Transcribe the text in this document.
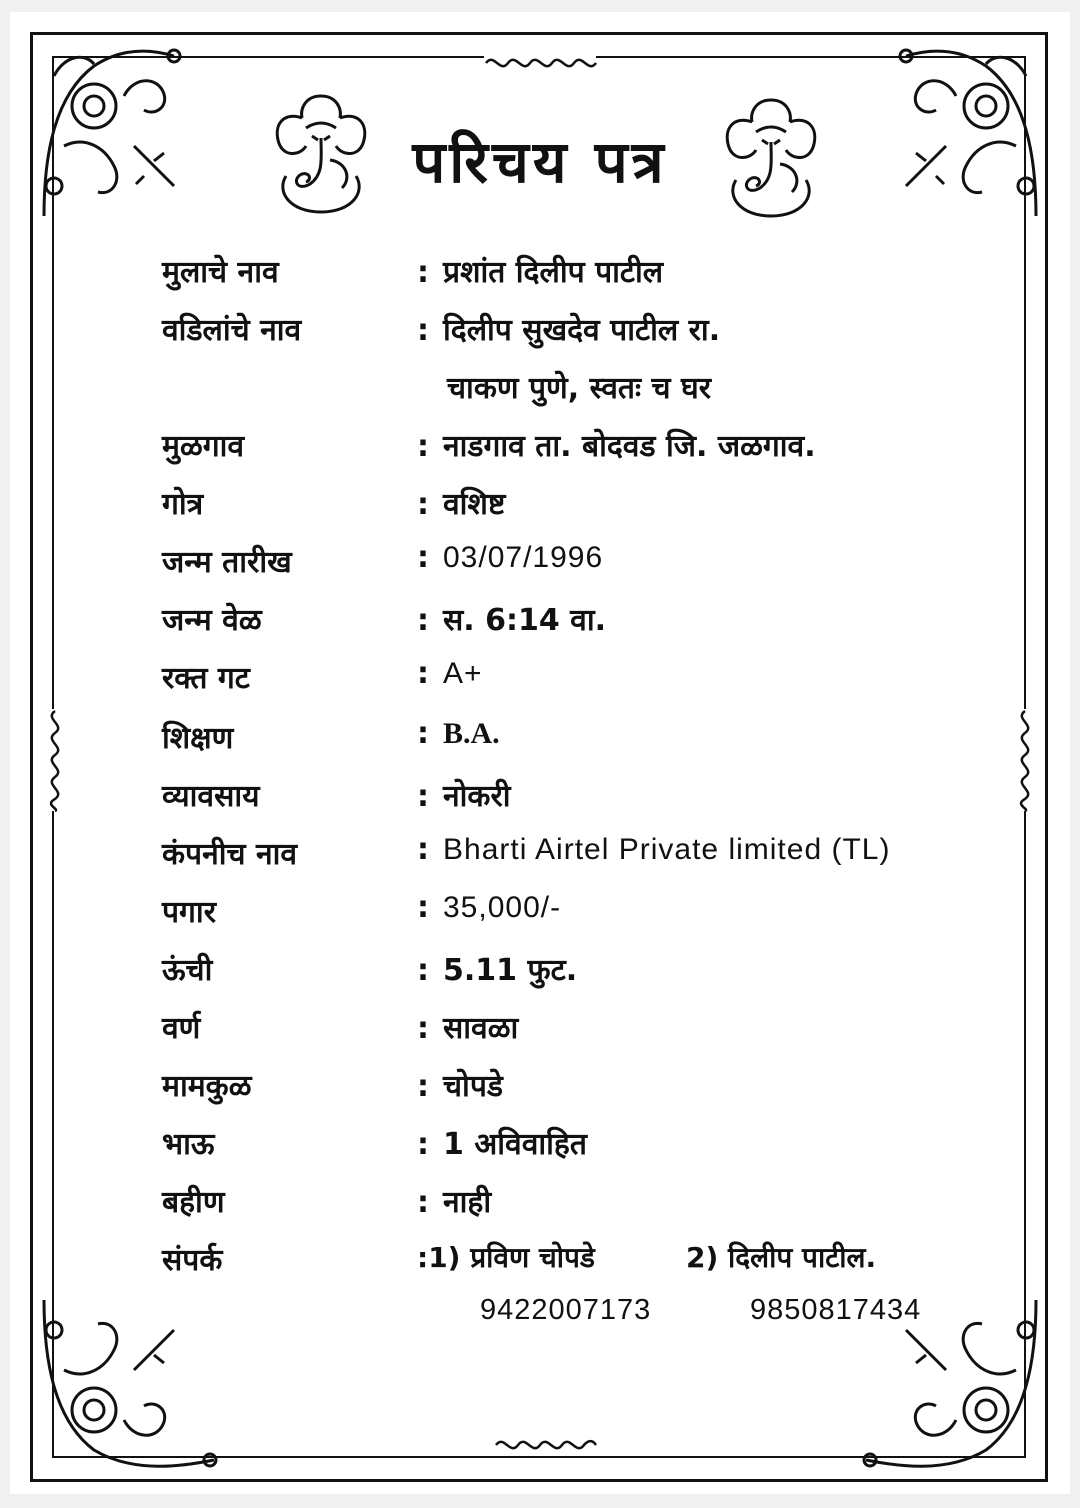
परिचय पत्र
मुलाचे नाव	: प्रशांत दिलीप पाटील
वडिलांचे नाव	: दिलीप सुखदेव पाटील रा.
चाकण पुणे, स्वतः च घर
मुळगाव	: नाडगाव ता. बोदवड जि. जळगाव.
गोत्र	: वशिष्ट
जन्म तारीख	: 03/07/1996
जन्म वेळ	: स. 6:14 वा.
रक्त गट	: A+
शिक्षण	: B.A.
व्यावसाय	: नोकरी
कंपनीच नाव	: Bharti Airtel Private limited (TL)
पगार	: 35,000/-
ऊंची	: 5.11 फुट.
वर्ण	: सावळा
मामकुळ	: चोपडे
भाऊ	: 1 अविवाहित
बहीण	: नाही
संपर्क	:1) प्रविण चोपडे	2) दिलीप पाटील.
9422007173	9850817434
